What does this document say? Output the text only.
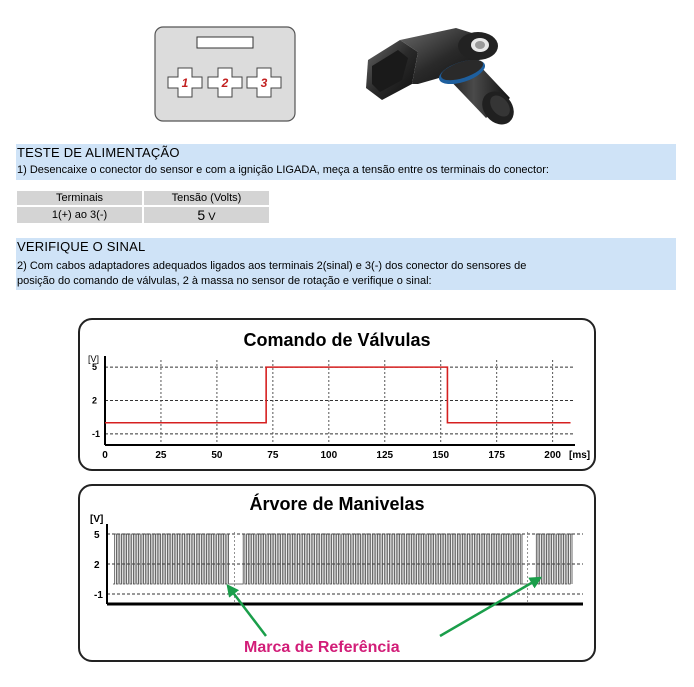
1	2	3
TESTE DE ALIMENTAÇÃO
1) Desencaixe o conector do sensor e com a ignição LIGADA, meça a tensão entre os terminais do conector:
Terminais	Tensão (Volts)
1(+) ao 3(-)	5 V
VERIFIQUE O SINAL
2) Com cabos adaptadores adequados ligados aos terminais 2(sinal) e 3(-) dos conector do sensores de
posição do comando de válvulas, 2 à massa no sensor de rotação e verifique o sinal:
Comando de Válvulas
[V]
5
2
-1
0	25	50	75	100	125	150	175	200 [ms]
Árvore de Manivelas
[V]
5
2
-1
Marca de Referência
